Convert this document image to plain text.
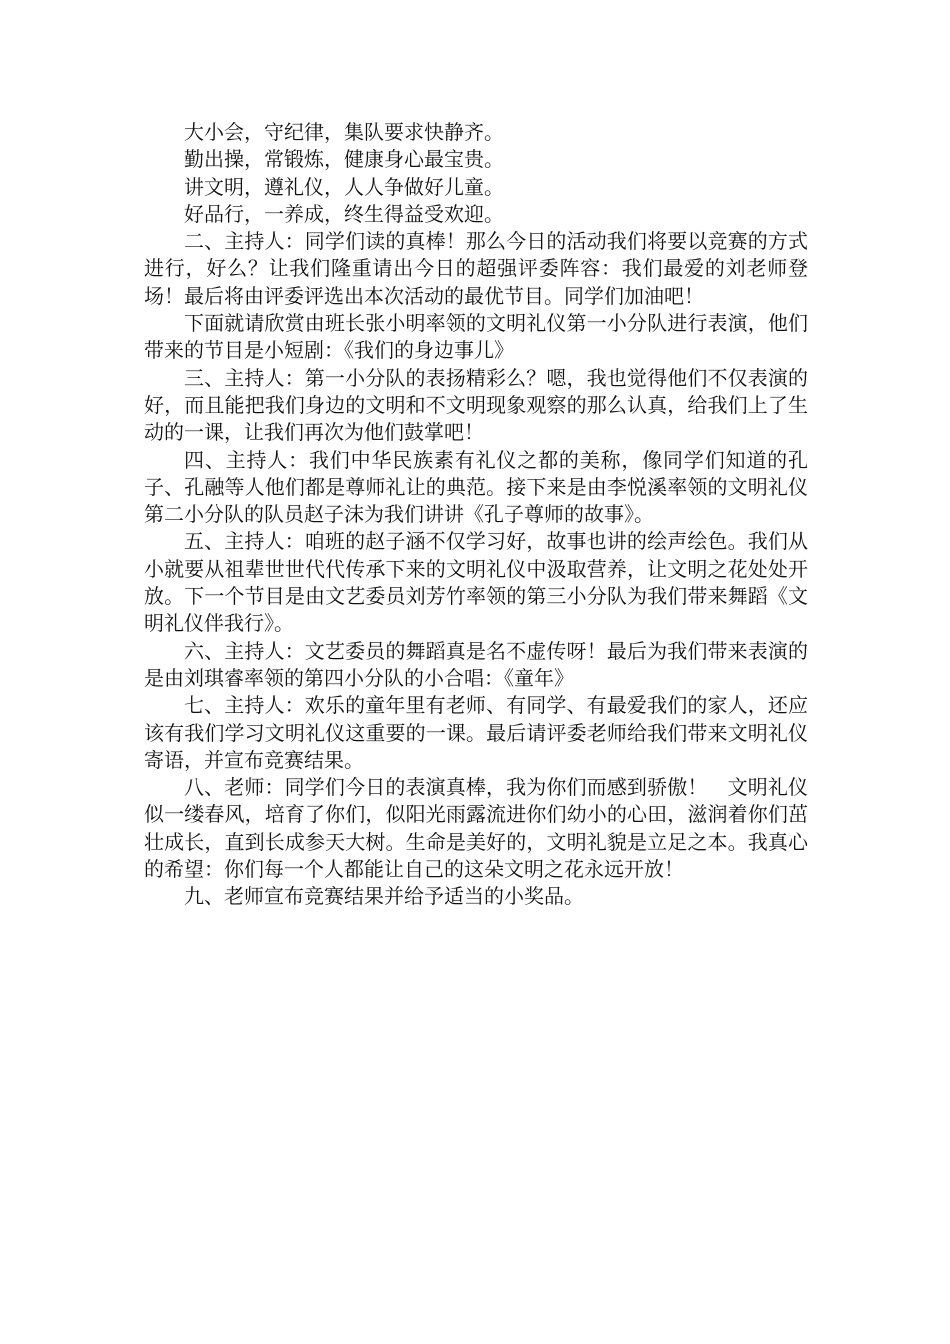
大小会，守纪律，集队要求快静齐。

勤出操，常锻炼，健康身心最宝贵。

讲文明，遵礼仪，人人争做好儿童。

好品行，一养成，终生得益受欢迎。

二、主持人：同学们读的真棒！那么今日的活动我们将要以竞赛的方式进行，好么？让我们隆重请出今日的超强评委阵容：我们最爱的刘老师登场！最后将由评委评选出本次活动的最优节目。同学们加油吧！

下面就请欣赏由班长张小明率领的文明礼仪第一小分队进行表演，他们带来的节目是小短剧：《我们的身边事儿》

三、主持人：第一小分队的表扬精彩么？嗯，我也觉得他们不仅表演的好，而且能把我们身边的文明和不文明现象观察的那么认真，给我们上了生动的一课，让我们再次为他们鼓掌吧！

四、主持人：我们中华民族素有礼仪之都的美称，像同学们知道的孔子、孔融等人他们都是尊师礼让的典范。接下来是由李悦溪率领的文明礼仪第二小分队的队员赵子沫为我们讲讲《孔子尊师的故事》。

五、主持人：咱班的赵子涵不仅学习好，故事也讲的绘声绘色。我们从小就要从祖辈世世代代传承下来的文明礼仪中汲取营养，让文明之花处处开放。下一个节目是由文艺委员刘芳竹率领的第三小分队为我们带来舞蹈《文明礼仪伴我行》。

六、主持人：文艺委员的舞蹈真是名不虚传呀！最后为我们带来表演的是由刘琪睿率领的第四小分队的小合唱：《童年》

七、主持人：欢乐的童年里有老师、有同学、有最爱我们的家人，还应该有我们学习文明礼仪这重要的一课。最后请评委老师给我们带来文明礼仪寄语，并宣布竞赛结果。

八、老师：同学们今日的表演真棒，我为你们而感到骄傲！　文明礼仪似一缕春风，培育了你们，似阳光雨露流进你们幼小的心田，滋润着你们茁壮成长，直到长成参天大树。生命是美好的，文明礼貌是立足之本。我真心的希望：你们每一个人都能让自己的这朵文明之花永远开放！

九、老师宣布竞赛结果并给予适当的小奖品。
